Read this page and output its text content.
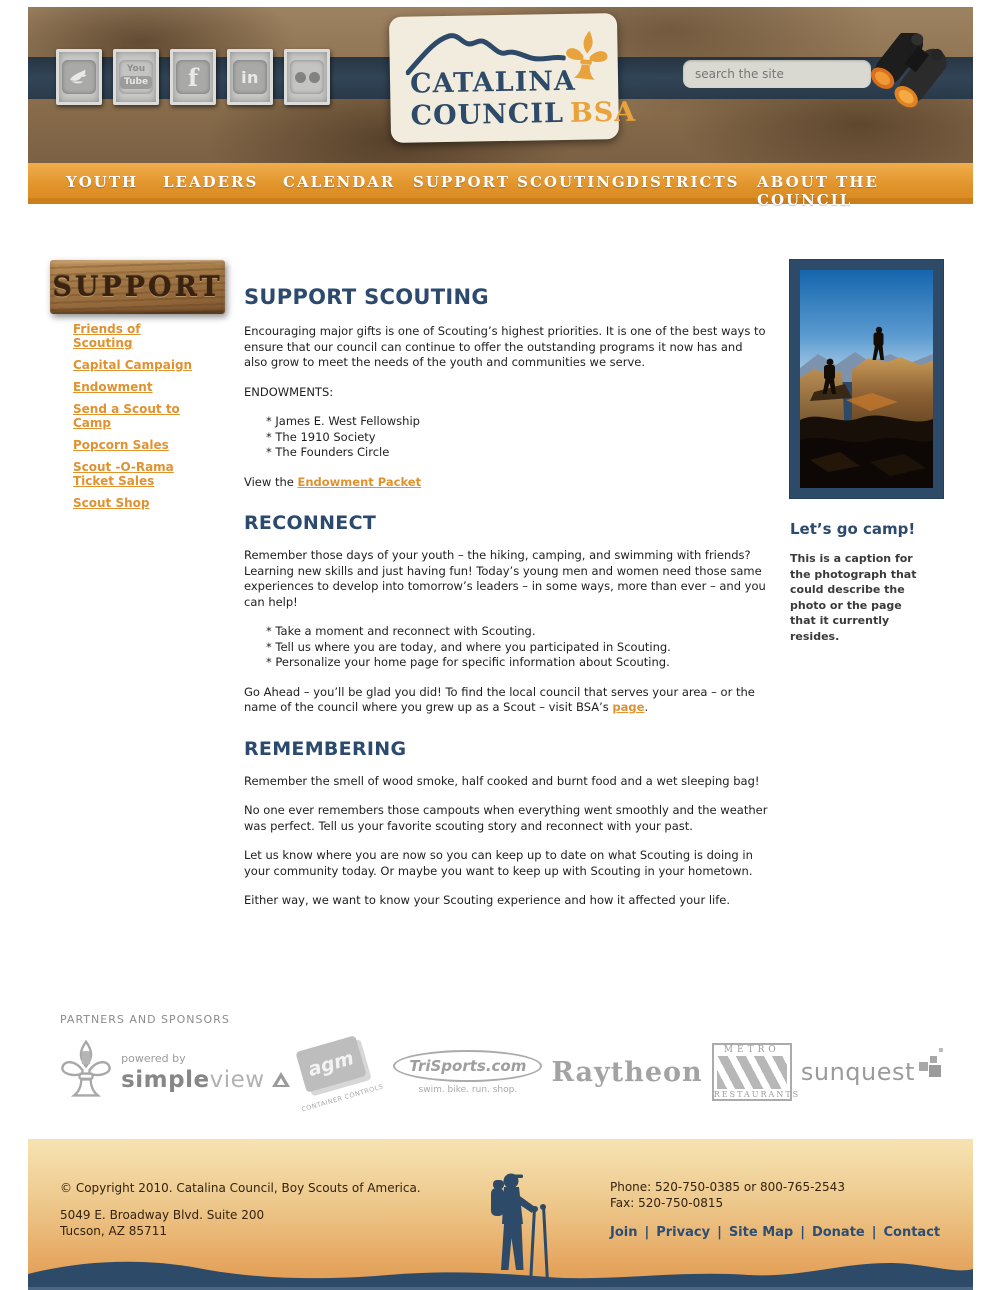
You
Tube f	in	CATALINA
COUNCIL BSA
search the site
YOUTH LEADERS CALENDAR SUPPORT SCOUTING DISTRICTS ABOUT THE COUNCIL
SUPPORT
Friends of Scouting
Capital Campaign
Endowment
Send a Scout to Camp
Popcorn Sales
Scout -O-Rama Ticket Sales
Scout Shop
SUPPORT SCOUTING

Encouraging major gifts is one of Scouting’s highest priorities. It is one of the best ways to ensure that our council can continue to offer the outstanding programs it now has and also grow to meet the needs of the youth and communities we serve.

ENDOWMENTS:

* James E. West Fellowship
* The 1910 Society
* The Founders Circle

View the Endowment Packet

RECONNECT

Remember those days of your youth – the hiking, camping, and swimming with friends? Learning new skills and just having fun! Today’s young men and women need those same experiences to develop into tomorrow’s leaders – in some ways, more than ever – and you can help!

* Take a moment and reconnect with Scouting.
* Tell us where you are today, and where you participated in Scouting.
* Personalize your home page for specific information about Scouting.

Go Ahead – you’ll be glad you did! To find the local council that serves your area – or the name of the council where you grew up as a Scout – visit BSA’s page.

REMEMBERING

Remember the smell of wood smoke, half cooked and burnt food and a wet sleeping bag!

No one ever remembers those campouts when everything went smoothly and the weather was perfect. Tell us your favorite scouting story and reconnect with your past.

Let us know where you are now so you can keep up to date on what Scouting is doing in your community today. Or maybe you want to keep up with Scouting in your hometown.

Either way, we want to know your Scouting experience and how it affected your life.

Let’s go camp!

This is a caption for the photograph that could describe the photo or the page that it currently resides.

PARTNERS AND SPONSORS
powered by
simpleview	agm
CONTAINER CONTROLS
TriSports.com
swim. bike. run. shop.
Raytheon
METRO
RESTAURANTS
sunquest
© Copyright 2010. Catalina Council, Boy Scouts of America.
5049 E. Broadway Blvd. Suite 200
Tucson, AZ 85711
Phone: 520-750-0385 or 800-765-2543
Fax: 520-750-0815
Join | Privacy | Site Map | Donate | Contact
